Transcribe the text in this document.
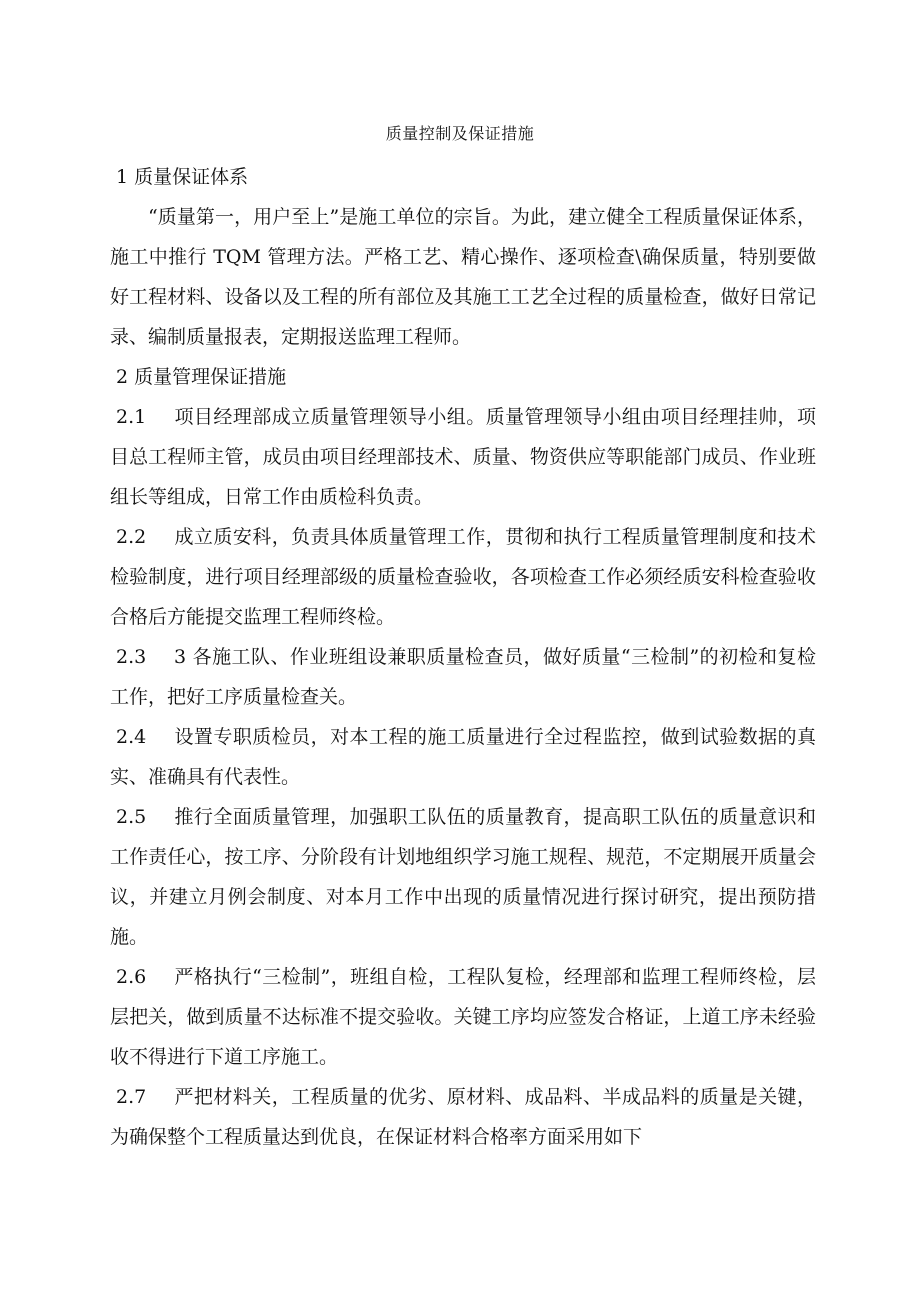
质量控制及保证措施

1 质量保证体系

“质量第一，用户至上”是施工单位的宗旨。为此，建立健全工程质量保证体系，施工中推行 TQM 管理方法。严格工艺、精心操作、逐项检查\确保质量，特别要做好工程材料、设备以及工程的所有部位及其施工工艺全过程的质量检查，做好日常记录、编制质量报表，定期报送监理工程师。

2 质量管理保证措施

2.1 项目经理部成立质量管理领导小组。质量管理领导小组由项目经理挂帅，项目总工程师主管，成员由项目经理部技术、质量、物资供应等职能部门成员、作业班组长等组成，日常工作由质检科负责。

2.2 成立质安科，负责具体质量管理工作，贯彻和执行工程质量管理制度和技术检验制度，进行项目经理部级的质量检查验收，各项检查工作必须经质安科检查验收合格后方能提交监理工程师终检。

2.3 3 各施工队、作业班组设兼职质量检查员，做好质量“三检制”的初检和复检工作，把好工序质量检查关。

2.4 设置专职质检员，对本工程的施工质量进行全过程监控，做到试验数据的真实、准确具有代表性。

2.5 推行全面质量管理，加强职工队伍的质量教育，提高职工队伍的质量意识和工作责任心，按工序、分阶段有计划地组织学习施工规程、规范，不定期展开质量会议，并建立月例会制度、对本月工作中出现的质量情况进行探讨研究，提出预防措施。

2.6 严格执行“三检制”，班组自检，工程队复检，经理部和监理工程师终检，层层把关，做到质量不达标准不提交验收。关键工序均应签发合格证，上道工序未经验收不得进行下道工序施工。

2.7 严把材料关，工程质量的优劣、原材料、成品料、半成品料的质量是关键，为确保整个工程质量达到优良，在保证材料合格率方面采用如下
